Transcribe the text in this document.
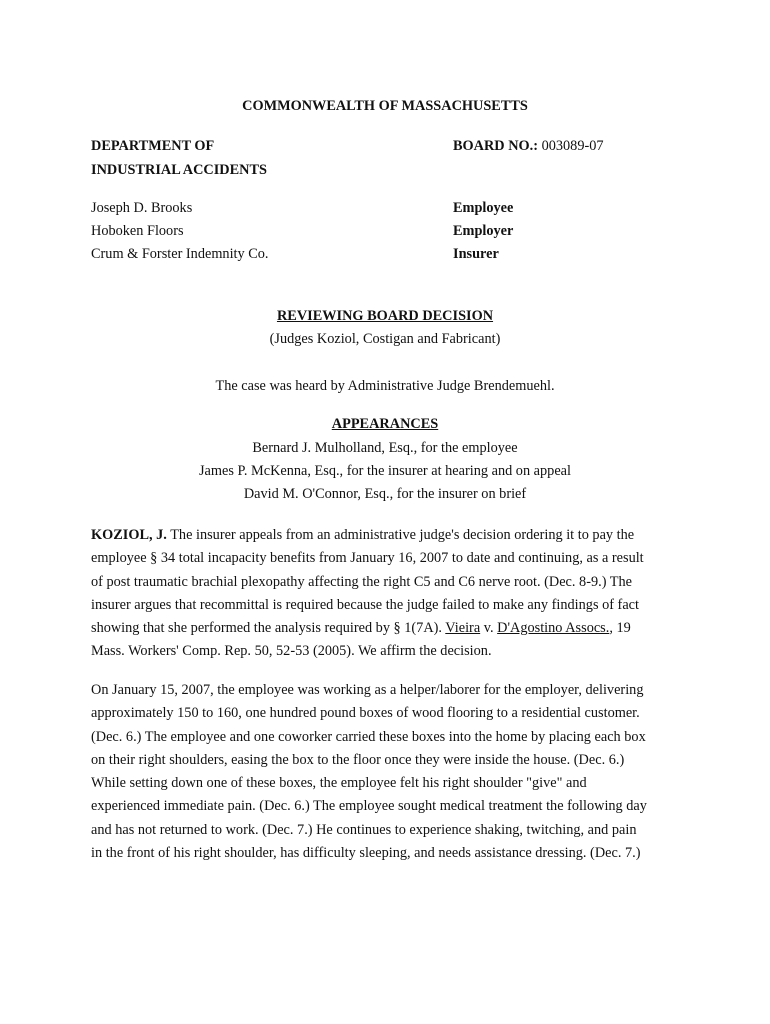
COMMONWEALTH OF MASSACHUSETTS
DEPARTMENT OF
INDUSTRIAL ACCIDENTS
BOARD NO.: 003089-07
Joseph D. Brooks	Employee
Hoboken Floors	Employer
Crum & Forster Indemnity Co.	Insurer
REVIEWING BOARD DECISION
(Judges Koziol, Costigan and Fabricant)
The case was heard by Administrative Judge Brendemuehl.
APPEARANCES
Bernard J. Mulholland, Esq., for the employee
James P. McKenna, Esq., for the insurer at hearing and on appeal
David M. O'Connor, Esq., for the insurer on brief
KOZIOL, J. The insurer appeals from an administrative judge's decision ordering it to pay the
employee § 34 total incapacity benefits from January 16, 2007 to date and continuing, as a result
of post traumatic brachial plexopathy affecting the right C5 and C6 nerve root. (Dec. 8-9.) The
insurer argues that recommittal is required because the judge failed to make any findings of fact
showing that she performed the analysis required by § 1(7A). Vieira v. D'Agostino Assocs., 19
Mass. Workers' Comp. Rep. 50, 52-53 (2005). We affirm the decision.
On January 15, 2007, the employee was working as a helper/laborer for the employer, delivering
approximately 150 to 160, one hundred pound boxes of wood flooring to a residential customer.
(Dec. 6.) The employee and one coworker carried these boxes into the home by placing each box
on their right shoulders, easing the box to the floor once they were inside the house. (Dec. 6.)
While setting down one of these boxes, the employee felt his right shoulder "give" and
experienced immediate pain. (Dec. 6.) The employee sought medical treatment the following day
and has not returned to work. (Dec. 7.) He continues to experience shaking, twitching, and pain
in the front of his right shoulder, has difficulty sleeping, and needs assistance dressing. (Dec. 7.)
